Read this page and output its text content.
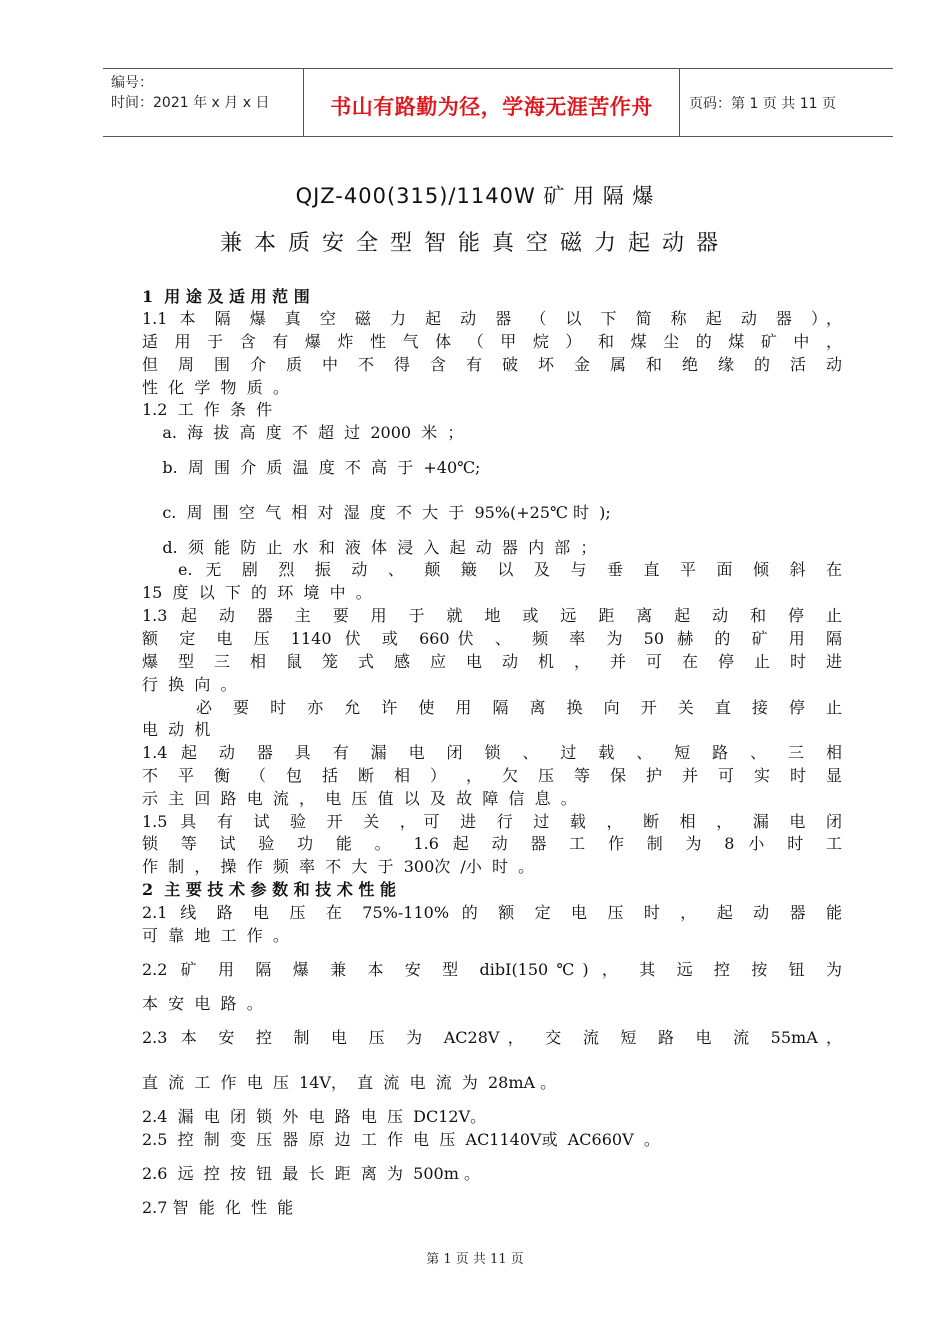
编号：
时间：2021 年 x 月 x 日	书山有路勤为径，学海无涯苦作舟	页码：第 1 页 共 11 页
QJZ-400(315)/1140W 矿 用 隔 爆
兼本质安全型智能真空磁力起动器
1  用 途 及 适 用 范 围
1.1 本 隔 爆 真 空 磁 力 起 动 器 （ 以 下 简 称 起 动 器 ），
适 用 于 含 有 爆 炸 性 气 体 （ 甲 烷 ） 和 煤 尘 的 煤 矿 中 ，
但 周 围 介 质 中 不 得 含 有 破 坏 金 属 和 绝 缘 的 活 动
性  化  学  物  质  。
1.2  工  作  条  件
a.  海  拔  高  度  不  超  过  2000  米  ；
b.  周  围  介  质  温  度  不  高  于  +40℃;
c.  周  围  空  气  相  对  湿  度  不  大  于  95%(+25℃ 时  );
d.  须  能  防  止  水  和  液  体  浸  入  起  动  器  内  部  ；
e. 无 剧 烈 振 动 、 颠 簸 以 及 与 垂 直 平 面 倾 斜 在
15  度  以  下  的  环  境  中  。
1.3 起 动 器 主 要 用 于 就 地 或 远 距 离 起 动 和 停 止
额 定 电 压 1140 伏 或 660伏 、 频 率 为 50 赫 的 矿 用 隔
爆 型 三 相 鼠 笼 式 感 应 电 动 机 ， 并 可 在 停 止 时 进
行  换  向  。
必 要 时 亦 允 许 使 用 隔 离 换 向 开 关 直 接 停 止
电  动  机
1.4 起 动 器 具 有 漏 电 闭 锁 、 过 载 、 短 路 、 三 相
不 平 衡 （ 包 括 断 相 ） ， 欠 压 等 保 护 并 可 实 时 显
示  主  回  路  电  流  ，  电  压  值  以  及  故  障  信  息  。
1.5 具 有 试 验 开 关 ，可 进 行 过 载 ， 断 相 ， 漏 电 闭
锁 等 试 验 功 能 。 1.6 起 动 器 工 作 制 为 8 小 时 工
作  制  ，  操  作  频  率  不  大  于  300次  /小  时  。
2  主 要 技 术 参 数 和 技 术 性 能
2.1 线 路 电 压 在 75%-110% 的 额 定 电 压 时 ， 起 动 器 能
可  靠  地  工  作  。
2.2 矿 用 隔 爆 兼 本 安 型 dibI(150℃) ， 其 远 控 按 钮 为
本  安  电  路  。
2.3 本 安 控 制 电 压 为 AC28V， 交 流 短 路 电 流 55mA，
直  流  工  作  电  压  14V，  直  流  电  流  为  28mA 。
2.4  漏  电  闭  锁  外  电  路  电  压  DC12V。
2.5  控  制  变  压  器  原  边  工  作  电  压  AC1140V或  AC660V  。
2.6  远  控  按  钮  最  长  距  离  为  500m 。
2.7 智  能  化  性  能
第 1 页 共 11 页
